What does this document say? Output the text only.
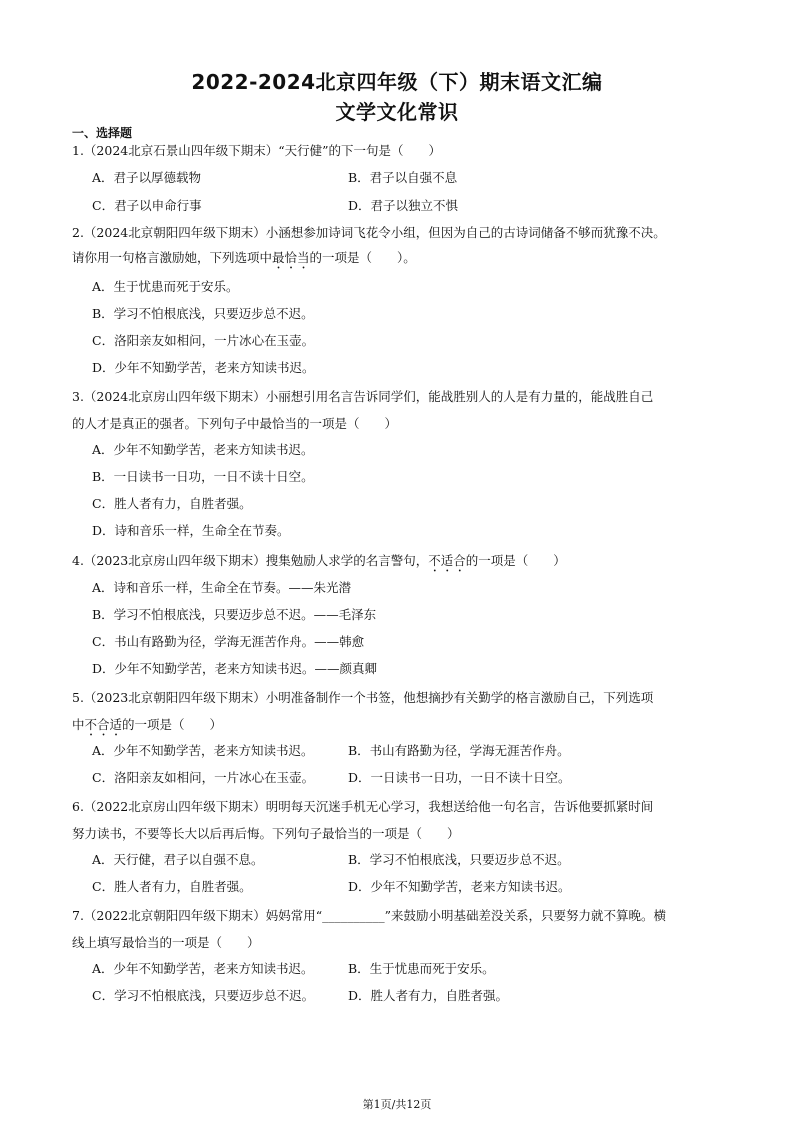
2022-2024北京四年级（下）期末语文汇编
文学文化常识
一、选择题
1.（2024北京石景山四年级下期末）“天行健”的下一句是（　　）
A．君子以厚德载物	B．君子以自强不息
C．君子以申命行事	D．君子以独立不惧
2.（2024北京朝阳四年级下期末）小涵想参加诗词飞花令小组，但因为自己的古诗词储备不够而犹豫不决。
请你用一句格言激励她，下列选项中最恰当的一项是（　　）。
A．生于忧患而死于安乐。
B．学习不怕根底浅，只要迈步总不迟。
C．洛阳亲友如相问，一片冰心在玉壶。
D．少年不知勤学苦，老来方知读书迟。
3.（2024北京房山四年级下期末）小丽想引用名言告诉同学们，能战胜别人的人是有力量的，能战胜自己
的人才是真正的强者。下列句子中最恰当的一项是（　　）
A．少年不知勤学苦，老来方知读书迟。
B．一日读书一日功，一日不读十日空。
C．胜人者有力，自胜者强。
D．诗和音乐一样，生命全在节奏。
4.（2023北京房山四年级下期末）搜集勉励人求学的名言警句，不适合的一项是（　　）
A．诗和音乐一样，生命全在节奏。——朱光潜
B．学习不怕根底浅，只要迈步总不迟。——毛泽东
C．书山有路勤为径，学海无涯苦作舟。——韩愈
D．少年不知勤学苦，老来方知读书迟。——颜真卿
5.（2023北京朝阳四年级下期末）小明准备制作一个书签，他想摘抄有关勤学的格言激励自己，下列选项
中不合适的一项是（　　）
A．少年不知勤学苦，老来方知读书迟。	B．书山有路勤为径，学海无涯苦作舟。
C．洛阳亲友如相问，一片冰心在玉壶。	D．一日读书一日功，一日不读十日空。
6.（2022北京房山四年级下期末）明明每天沉迷手机无心学习，我想送给他一句名言，告诉他要抓紧时间
努力读书，不要等长大以后再后悔。下列句子最恰当的一项是（　　）
A．天行健，君子以自强不息。	B．学习不怕根底浅，只要迈步总不迟。
C．胜人者有力，自胜者强。	D．少年不知勤学苦，老来方知读书迟。
7.（2022北京朝阳四年级下期末）妈妈常用“__________”来鼓励小明基础差没关系，只要努力就不算晚。横
线上填写最恰当的一项是（　　）
A．少年不知勤学苦，老来方知读书迟。	B．生于忧患而死于安乐。
C．学习不怕根底浅，只要迈步总不迟。	D．胜人者有力，自胜者强。
第1页/共12页
